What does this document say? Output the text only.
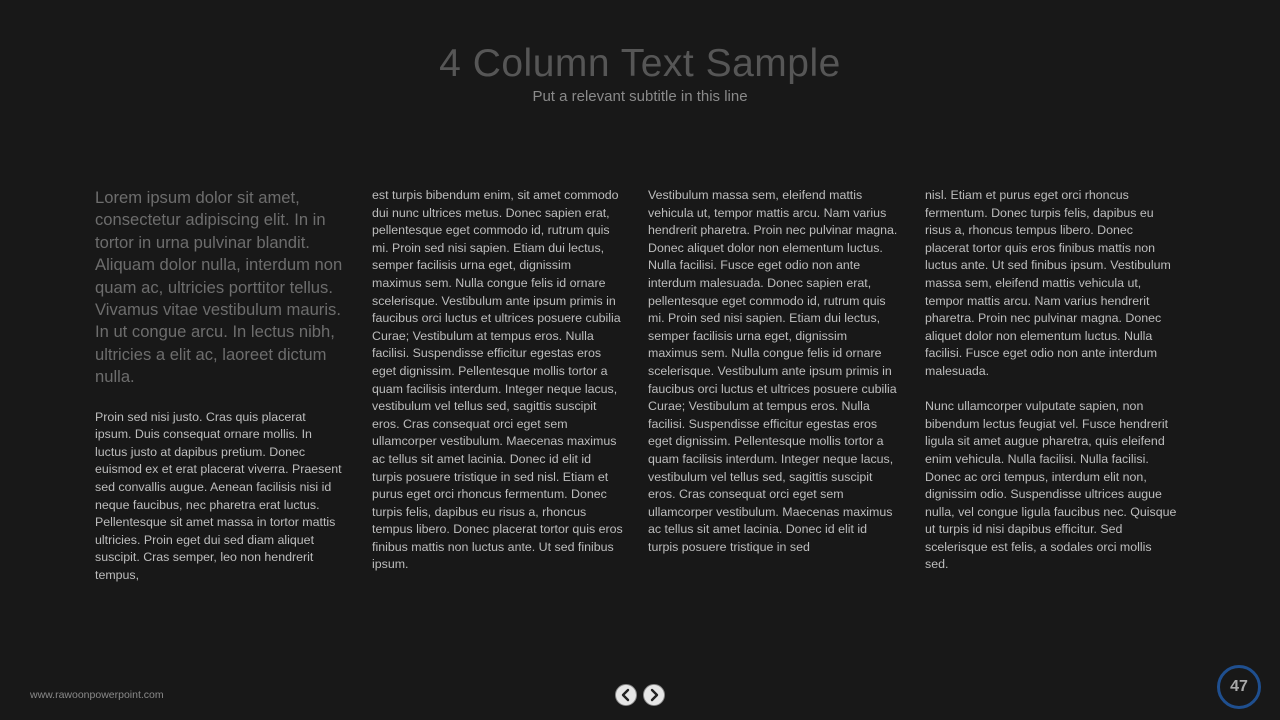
4 Column Text Sample
Put a relevant subtitle in this line

Lorem ipsum dolor sit amet, consectetur adipiscing elit. In in tortor in urna pulvinar blandit. Aliquam dolor nulla, interdum non quam ac, ultricies porttitor tellus. Vivamus vitae vestibulum mauris. In ut congue arcu. In lectus nibh, ultricies a elit ac, laoreet dictum nulla.

Proin sed nisi justo. Cras quis placerat ipsum. Duis consequat ornare mollis. In luctus justo at dapibus pretium. Donec euismod ex et erat placerat viverra. Praesent sed convallis augue. Aenean facilisis nisi id neque faucibus, nec pharetra erat luctus. Pellentesque sit amet massa in tortor mattis ultricies. Proin eget dui sed diam aliquet suscipit. Cras semper, leo non hendrerit tempus,

est turpis bibendum enim, sit amet commodo dui nunc ultrices metus. Donec sapien erat, pellentesque eget commodo id, rutrum quis mi. Proin sed nisi sapien. Etiam dui lectus, semper facilisis urna eget, dignissim maximus sem. Nulla congue felis id ornare scelerisque. Vestibulum ante ipsum primis in faucibus orci luctus et ultrices posuere cubilia Curae; Vestibulum at tempus eros. Nulla facilisi. Suspendisse efficitur egestas eros eget dignissim. Pellentesque mollis tortor a quam facilisis interdum. Integer neque lacus, vestibulum vel tellus sed, sagittis suscipit eros. Cras consequat orci eget sem ullamcorper vestibulum. Maecenas maximus ac tellus sit amet lacinia. Donec id elit id turpis posuere tristique in sed nisl. Etiam et purus eget orci rhoncus fermentum. Donec turpis felis, dapibus eu risus a, rhoncus tempus libero. Donec placerat tortor quis eros finibus mattis non luctus ante. Ut sed finibus ipsum.

Vestibulum massa sem, eleifend mattis vehicula ut, tempor mattis arcu. Nam varius hendrerit pharetra. Proin nec pulvinar magna. Donec aliquet dolor non elementum luctus. Nulla facilisi. Fusce eget odio non ante interdum malesuada. Donec sapien erat, pellentesque eget commodo id, rutrum quis mi. Proin sed nisi sapien. Etiam dui lectus, semper facilisis urna eget, dignissim maximus sem. Nulla congue felis id ornare scelerisque. Vestibulum ante ipsum primis in faucibus orci luctus et ultrices posuere cubilia Curae; Vestibulum at tempus eros. Nulla facilisi. Suspendisse efficitur egestas eros eget dignissim. Pellentesque mollis tortor a quam facilisis interdum. Integer neque lacus, vestibulum vel tellus sed, sagittis suscipit eros. Cras consequat orci eget sem ullamcorper vestibulum. Maecenas maximus ac tellus sit amet lacinia. Donec id elit id turpis posuere tristique in sed

nisl. Etiam et purus eget orci rhoncus fermentum. Donec turpis felis, dapibus eu risus a, rhoncus tempus libero. Donec placerat tortor quis eros finibus mattis non luctus ante. Ut sed finibus ipsum. Vestibulum massa sem, eleifend mattis vehicula ut, tempor mattis arcu. Nam varius hendrerit pharetra. Proin nec pulvinar magna. Donec aliquet dolor non elementum luctus. Nulla facilisi. Fusce eget odio non ante interdum malesuada.

Nunc ullamcorper vulputate sapien, non bibendum lectus feugiat vel. Fusce hendrerit ligula sit amet augue pharetra, quis eleifend enim vehicula. Nulla facilisi. Nulla facilisi. Donec ac orci tempus, interdum elit non, dignissim odio. Suspendisse ultrices augue nulla, vel congue ligula faucibus nec. Quisque ut turpis id nisi dapibus efficitur. Sed scelerisque est felis, a sodales orci mollis sed.

www.rawoonpowerpoint.com	47
